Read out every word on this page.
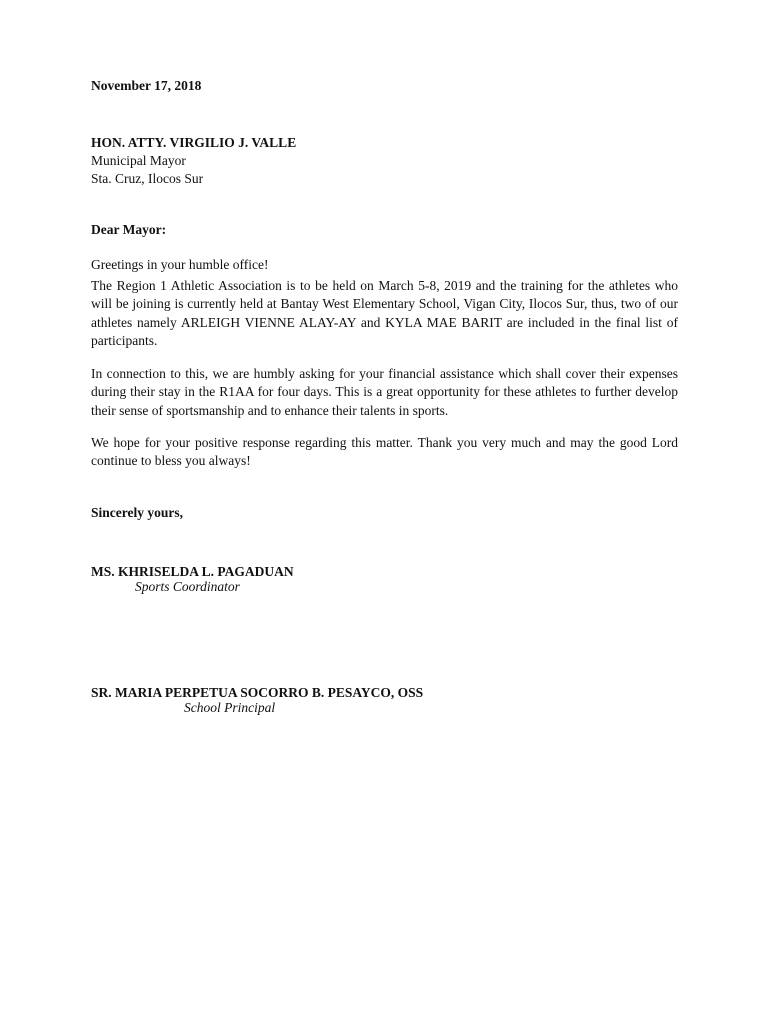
November 17, 2018
HON. ATTY. VIRGILIO J. VALLE
Municipal Mayor
Sta. Cruz, Ilocos Sur
Dear Mayor:
Greetings in your humble office!
The Region 1 Athletic Association is to be held on March 5-8, 2019 and the training for the athletes who will be joining is currently held at Bantay West Elementary School, Vigan City, Ilocos Sur, thus, two of our athletes namely ARLEIGH VIENNE ALAY-AY and KYLA MAE BARIT are included in the final list of participants.
In connection to this, we are humbly asking for your financial assistance which shall cover their expenses during their stay in the R1AA for four days. This is a great opportunity for these athletes to further develop their sense of sportsmanship and to enhance their talents in sports.
We hope for your positive response regarding this matter. Thank you very much and may the good Lord continue to bless you always!
Sincerely yours,
MS. KHRISELDA L. PAGADUAN
Sports Coordinator
SR. MARIA PERPETUA SOCORRO B. PESAYCO, OSS
School Principal
